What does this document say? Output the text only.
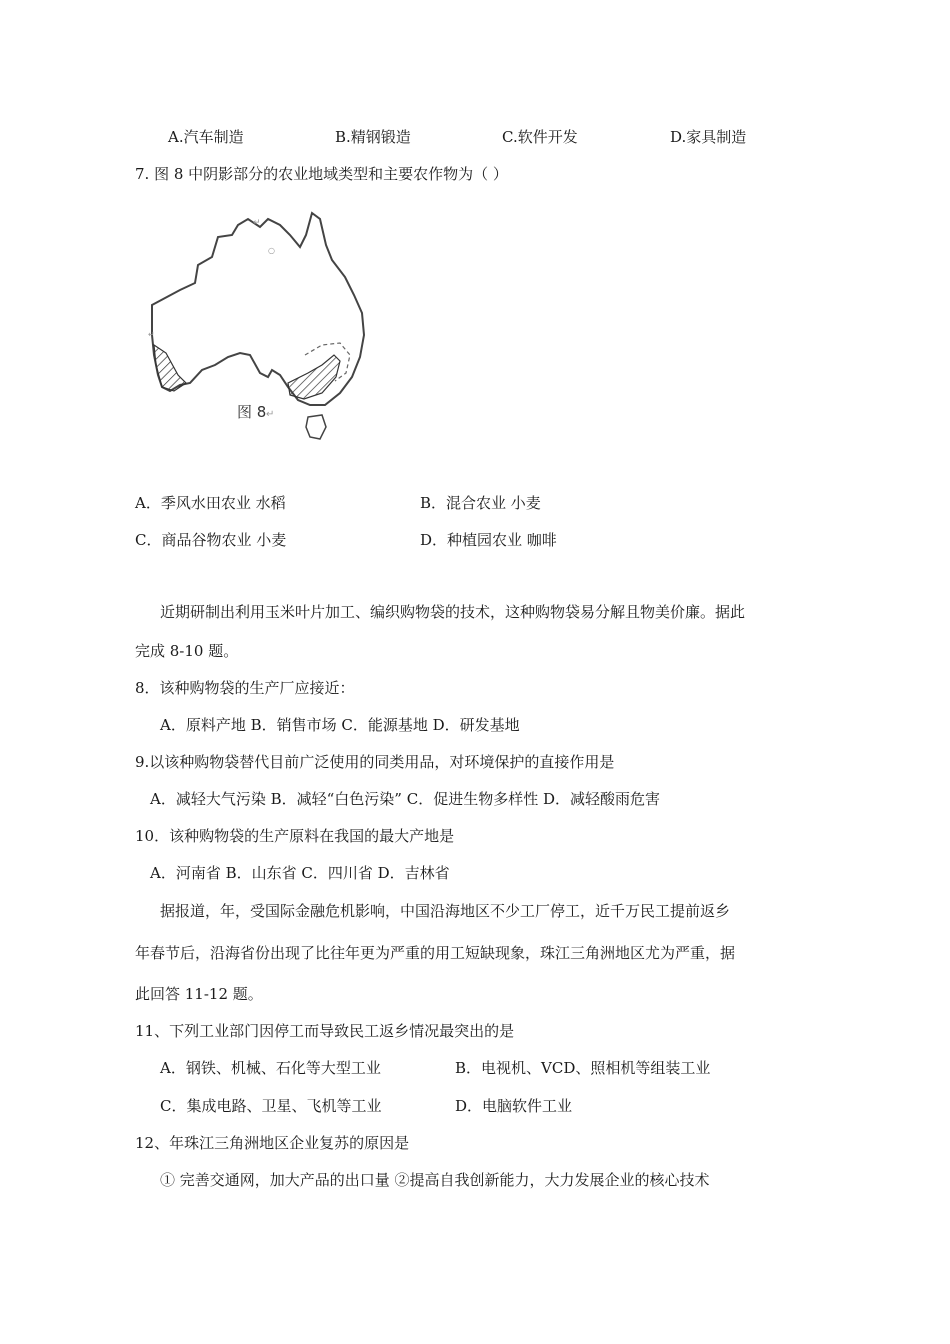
A.汽车制造	B.精钢锻造	C.软件开发	D.家具制造
7. 图 8 中阴影部分的农业地域类型和主要农作物为（ ）
↵
○
↵
图 8 ↵
A．季风水田农业 水稻	B．混合农业 小麦
C．商品谷物农业 小麦	D．种植园农业 咖啡
近期研制出利用玉米叶片加工、编织购物袋的技术，这种购物袋易分解且物美价廉。据此
完成 8-10 题。
8．该种购物袋的生产厂应接近：
A．原料产地 B．销售市场 C．能源基地 D．研发基地
9.以该种购物袋替代目前广泛使用的同类用品，对环境保护的直接作用是
A．减轻大气污染 B．减轻“白色污染” C．促进生物多样性 D．减轻酸雨危害
10．该种购物袋的生产原料在我国的最大产地是
A．河南省 B．山东省 C．四川省 D．吉林省
据报道，年，受国际金融危机影响，中国沿海地区不少工厂停工，近千万民工提前返乡
年春节后，沿海省份出现了比往年更为严重的用工短缺现象，珠江三角洲地区尤为严重，据
此回答 11-12 题。
11、下列工业部门因停工而导致民工返乡情况最突出的是
A．钢铁、机械、石化等大型工业	B．电视机、VCD、照相机等组装工业
C．集成电路、卫星、飞机等工业	D．电脑软件工业
12、年珠江三角洲地区企业复苏的原因是
① 完善交通网，加大产品的出口量 ②提高自我创新能力，大力发展企业的核心技术
